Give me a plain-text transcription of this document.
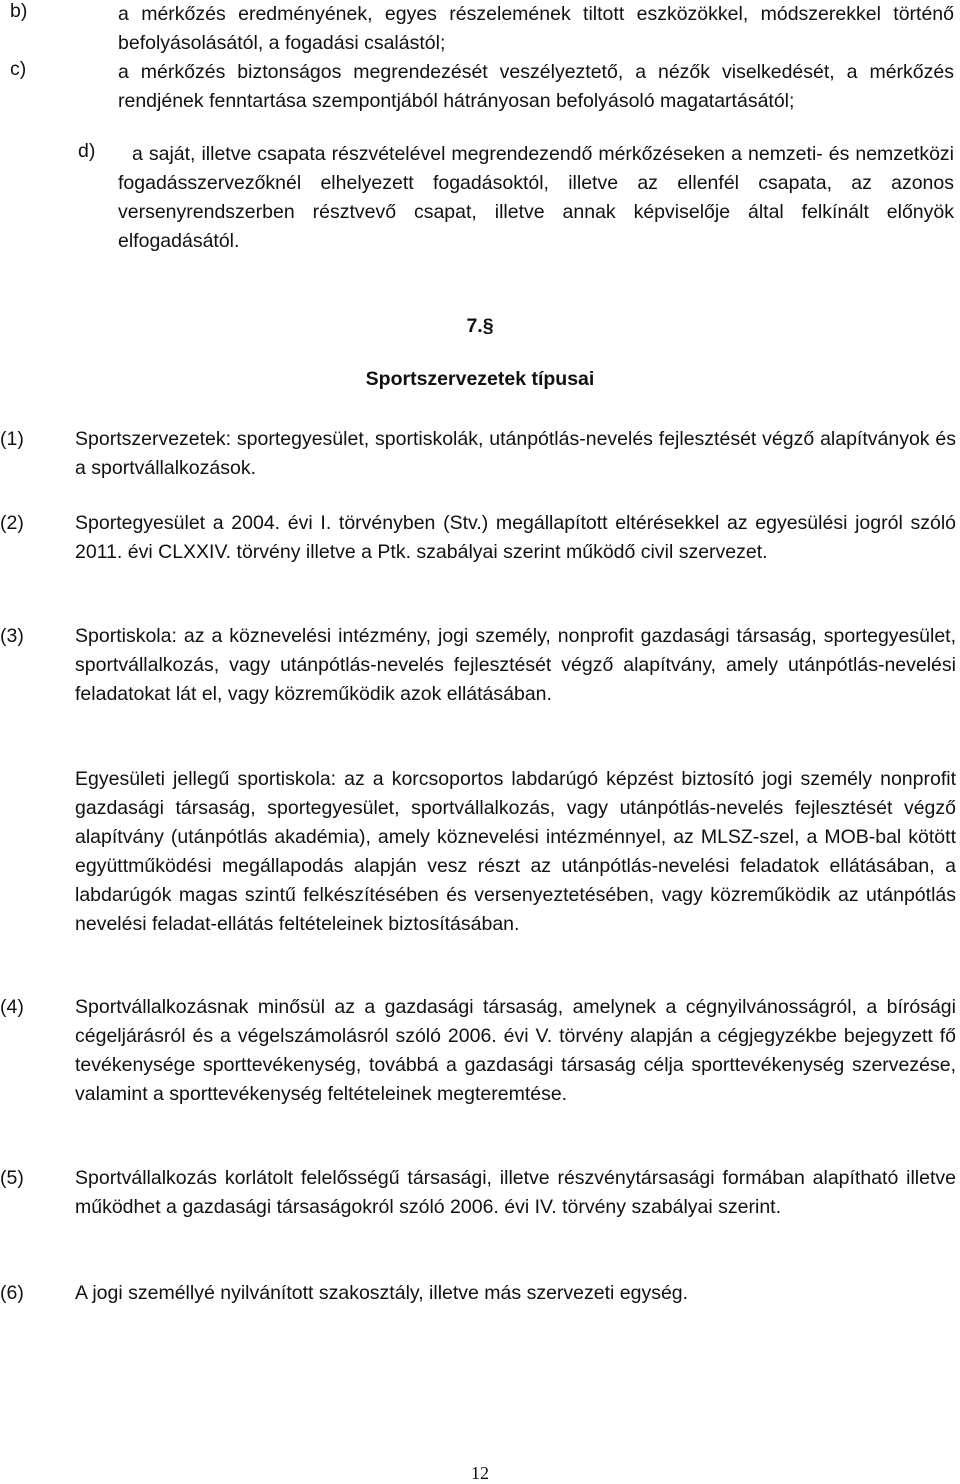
b)	a mérkőzés eredményének, egyes részelemének tiltott eszközökkel, módszerekkel történő befolyásolásától, a fogadási csalástól;
c)	a mérkőzés biztonságos megrendezését veszélyeztető, a nézők viselkedését, a mérkőzés rendjének fenntartása szempontjából hátrányosan befolyásoló magatartásától;
d)	a saját, illetve csapata részvételével megrendezendő mérkőzéseken a nemzeti- és nemzetközi fogadásszervezőknél elhelyezett fogadásoktól, illetve az ellenfél csapata, az azonos versenyrendszerben résztvevő csapat, illetve annak képviselője által felkínált előnyök elfogadásától.
7.§
Sportszervezetek típusai
(1)	Sportszervezetek: sportegyesület, sportiskolák, utánpótlás-nevelés fejlesztését végző alapítványok és a sportvállalkozások.
(2)	Sportegyesület a 2004. évi I. törvényben (Stv.) megállapított eltérésekkel az egyesülési jogról szóló 2011. évi CLXXIV. törvény illetve a Ptk. szabályai szerint működő civil szervezet.
(3)	Sportiskola: az a köznevelési intézmény, jogi személy, nonprofit gazdasági társaság, sportegyesület, sportvállalkozás, vagy utánpótlás-nevelés fejlesztését végző alapítvány, amely utánpótlás-nevelési feladatokat lát el, vagy közreműködik azok ellátásában.
Egyesületi jellegű sportiskola: az a korcsoportos labdarúgó képzést biztosító jogi személy nonprofit gazdasági társaság, sportegyesület, sportvállalkozás, vagy utánpótlás-nevelés fejlesztését végző alapítvány (utánpótlás akadémia), amely köznevelési intézménnyel, az MLSZ-szel, a MOB-bal kötött együttműködési megállapodás alapján vesz részt az utánpótlás-nevelési feladatok ellátásában, a labdarúgók magas szintű felkészítésében és versenyeztetésében, vagy közreműködik az utánpótlás nevelési feladat-ellátás feltételeinek biztosításában.
(4)	Sportvállalkozásnak minősül az a gazdasági társaság, amelynek a cégnyilvánosságról, a bírósági cégeljárásról és a végelszámolásról szóló 2006. évi V. törvény alapján a cégjegyzékbe bejegyzett fő tevékenysége sporttevékenység, továbbá a gazdasági társaság célja sporttevékenység szervezése, valamint a sporttevékenység feltételeinek megteremtése.
(5)	Sportvállalkozás korlátolt felelősségű társasági, illetve részvénytársasági formában alapítható illetve működhet a gazdasági társaságokról szóló 2006. évi IV. törvény szabályai szerint.
(6)	A jogi személlyé nyilvánított szakosztály, illetve más szervezeti egység.
12
